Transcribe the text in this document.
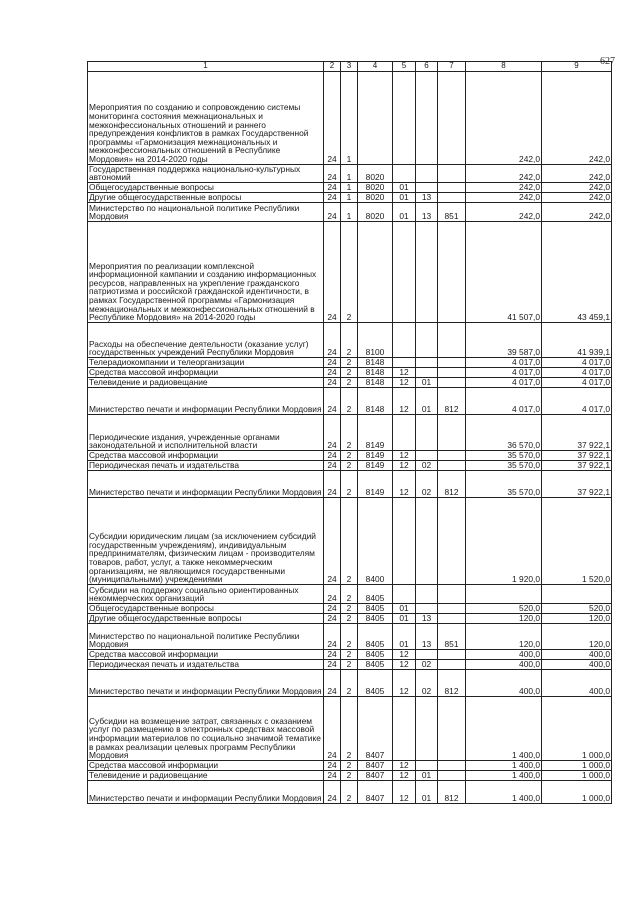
627
1	2	3	4	5	6	7	8	9
Мероприятия по созданию и сопровождению системы мониторинга состояния межнациональных и межконфессиональных отношений и раннего предупреждения конфликтов в рамках Государственной программы «Гармонизация межнациональных и межконфессиональных отношений в Республике Мордовия» на 2014-2020 годы	24	1					242,0	242,0
Государственная поддержка национально-культурных автономий	24	1	8020				242,0	242,0
Общегосударственные вопросы	24	1	8020	01			242,0	242,0
Другие общегосударственные вопросы	24	1	8020	01	13		242,0	242,0
Министерство по национальной политике Республики Мордовия	24	1	8020	01	13	851	242,0	242,0
Мероприятия по реализации комплексной информационной кампании и созданию информационных ресурсов, направленных на укрепление гражданского патриотизма и российской гражданской идентичности, в рамках Государственной программы «Гармонизация межнациональных и межконфессиональных отношений в Республике Мордовия» на 2014-2020 годы	24	2					41 507,0	43 459,1
Расходы на обеспечение деятельности (оказание услуг) государственных учреждений Республики Мордовия	24	2	8100				39 587,0	41 939,1
Телерадиокомпании и телеорганизации	24	2	8148				4 017,0	4 017,0
Средства массовой информации	24	2	8148	12			4 017,0	4 017,0
Телевидение и радиовещание	24	2	8148	12	01		4 017,0	4 017,0
Министерство печати и информации Республики Мордовия	24	2	8148	12	01	812	4 017,0	4 017,0
Периодические издания, учрежденные органами законодательной и исполнительной власти	24	2	8149				36 570,0	37 922,1
Средства массовой информации	24	2	8149	12			35 570,0	37 922,1
Периодическая печать и издательства	24	2	8149	12	02		35 570,0	37 922,1
Министерство печати и информации Республики Мордовия	24	2	8149	12	02	812	35 570,0	37 922,1
Субсидии юридическим лицам (за исключением субсидий государственным учреждениям), индивидуальным предпринимателям, физическим лицам - производителям товаров, работ, услуг, а также некоммерческим организациям, не являющимся государственными (муниципальными) учреждениями	24	2	8400				1 920,0	1 520,0
Субсидии на поддержку социально ориентированных некоммерческих организаций	24	2	8405					
Общегосударственные вопросы	24	2	8405	01			520,0	520,0
Другие общегосударственные вопросы	24	2	8405	01	13		120,0	120,0
Министерство по национальной политике Республики Мордовия	24	2	8405	01	13	851	120,0	120,0
Средства массовой информации	24	2	8405	12			400,0	400,0
Периодическая печать и издательства	24	2	8405	12	02		400,0	400,0
Министерство печати и информации Республики Мордовия	24	2	8405	12	02	812	400,0	400,0
Субсидии на возмещение затрат, связанных с оказанием услуг по размещению в электронных средствах массовой информации материалов по социально значимой тематике в рамках реализации целевых программ Республики Мордовия	24	2	8407				1 400,0	1 000,0
Средства массовой информации	24	2	8407	12			1 400,0	1 000,0
Телевидение и радиовещание	24	2	8407	12	01		1 400,0	1 000,0
Министерство печати и информации Республики Мордовия	24	2	8407	12	01	812	1 400,0	1 000,0
